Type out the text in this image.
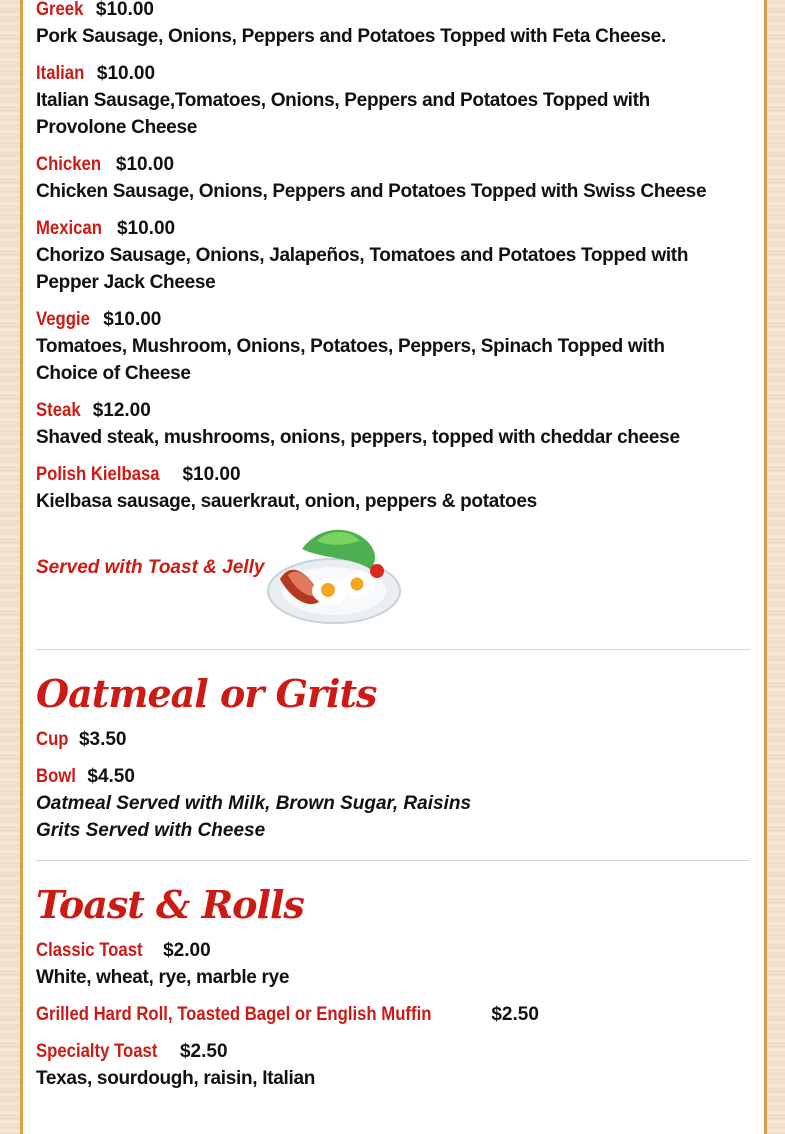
Greek $10.00
Pork Sausage, Onions, Peppers and Potatoes Topped with Feta Cheese.
Italian $10.00
Italian Sausage,Tomatoes, Onions, Peppers and Potatoes Topped with Provolone Cheese
Chicken $10.00
Chicken Sausage, Onions, Peppers and Potatoes Topped with Swiss Cheese
Mexican $10.00
Chorizo Sausage, Onions, Jalapeños, Tomatoes and Potatoes Topped with Pepper Jack Cheese
Veggie $10.00
Tomatoes, Mushroom, Onions, Potatoes, Peppers, Spinach Topped with Choice of Cheese
Steak $12.00
Shaved steak, mushrooms, onions, peppers, topped with cheddar cheese
Polish Kielbasa $10.00
Kielbasa sausage, sauerkraut, onion, peppers & potatoes
Served with Toast & Jelly
Oatmeal or Grits
Cup $3.50
Bowl $4.50
Oatmeal Served with Milk, Brown Sugar, Raisins
Grits Served with Cheese
Toast & Rolls
Classic Toast $2.00
White, wheat, rye, marble rye
Grilled Hard Roll, Toasted Bagel or English Muffin	$2.50
Specialty Toast $2.50
Texas, sourdough, raisin, Italian
